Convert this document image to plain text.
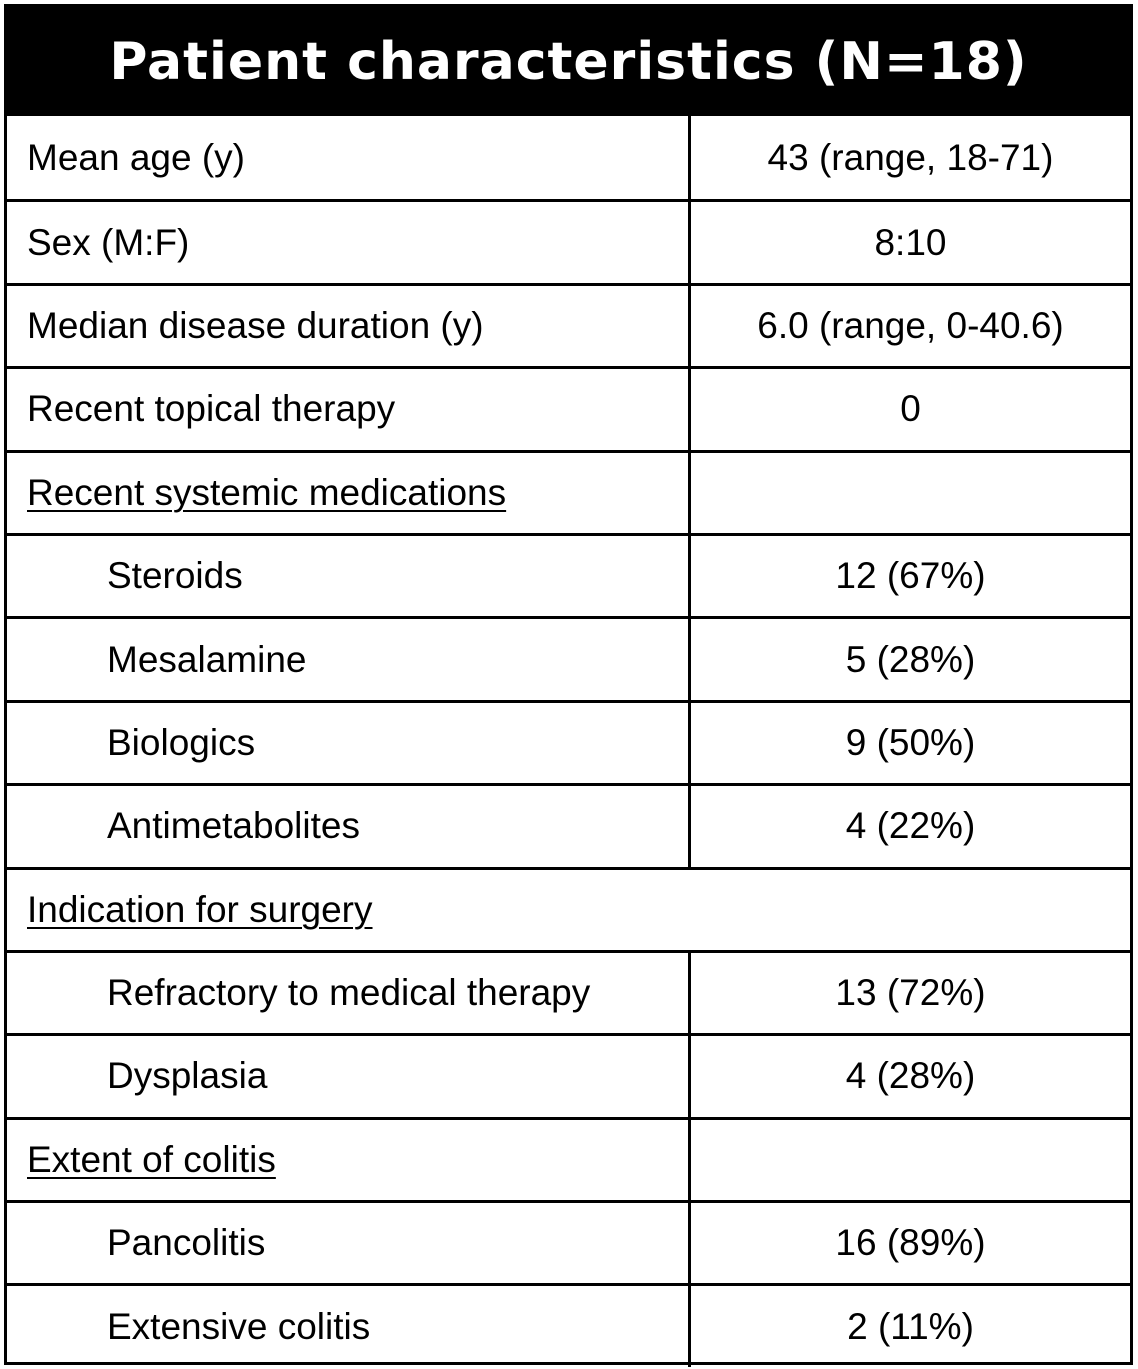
Patient characteristics (N=18)
Mean age (y)	43 (range, 18-71)
Sex (M:F)	8:10
Median disease duration (y)	6.0 (range, 0-40.6)
Recent topical therapy	0
Recent systemic medications
Steroids	12 (67%)
Mesalamine	5 (28%)
Biologics	9 (50%)
Antimetabolites	4 (22%)
Indication for surgery
Refractory to medical therapy	13 (72%)
Dysplasia	4 (28%)
Extent of colitis
Pancolitis	16 (89%)
Extensive colitis	2 (11%)
